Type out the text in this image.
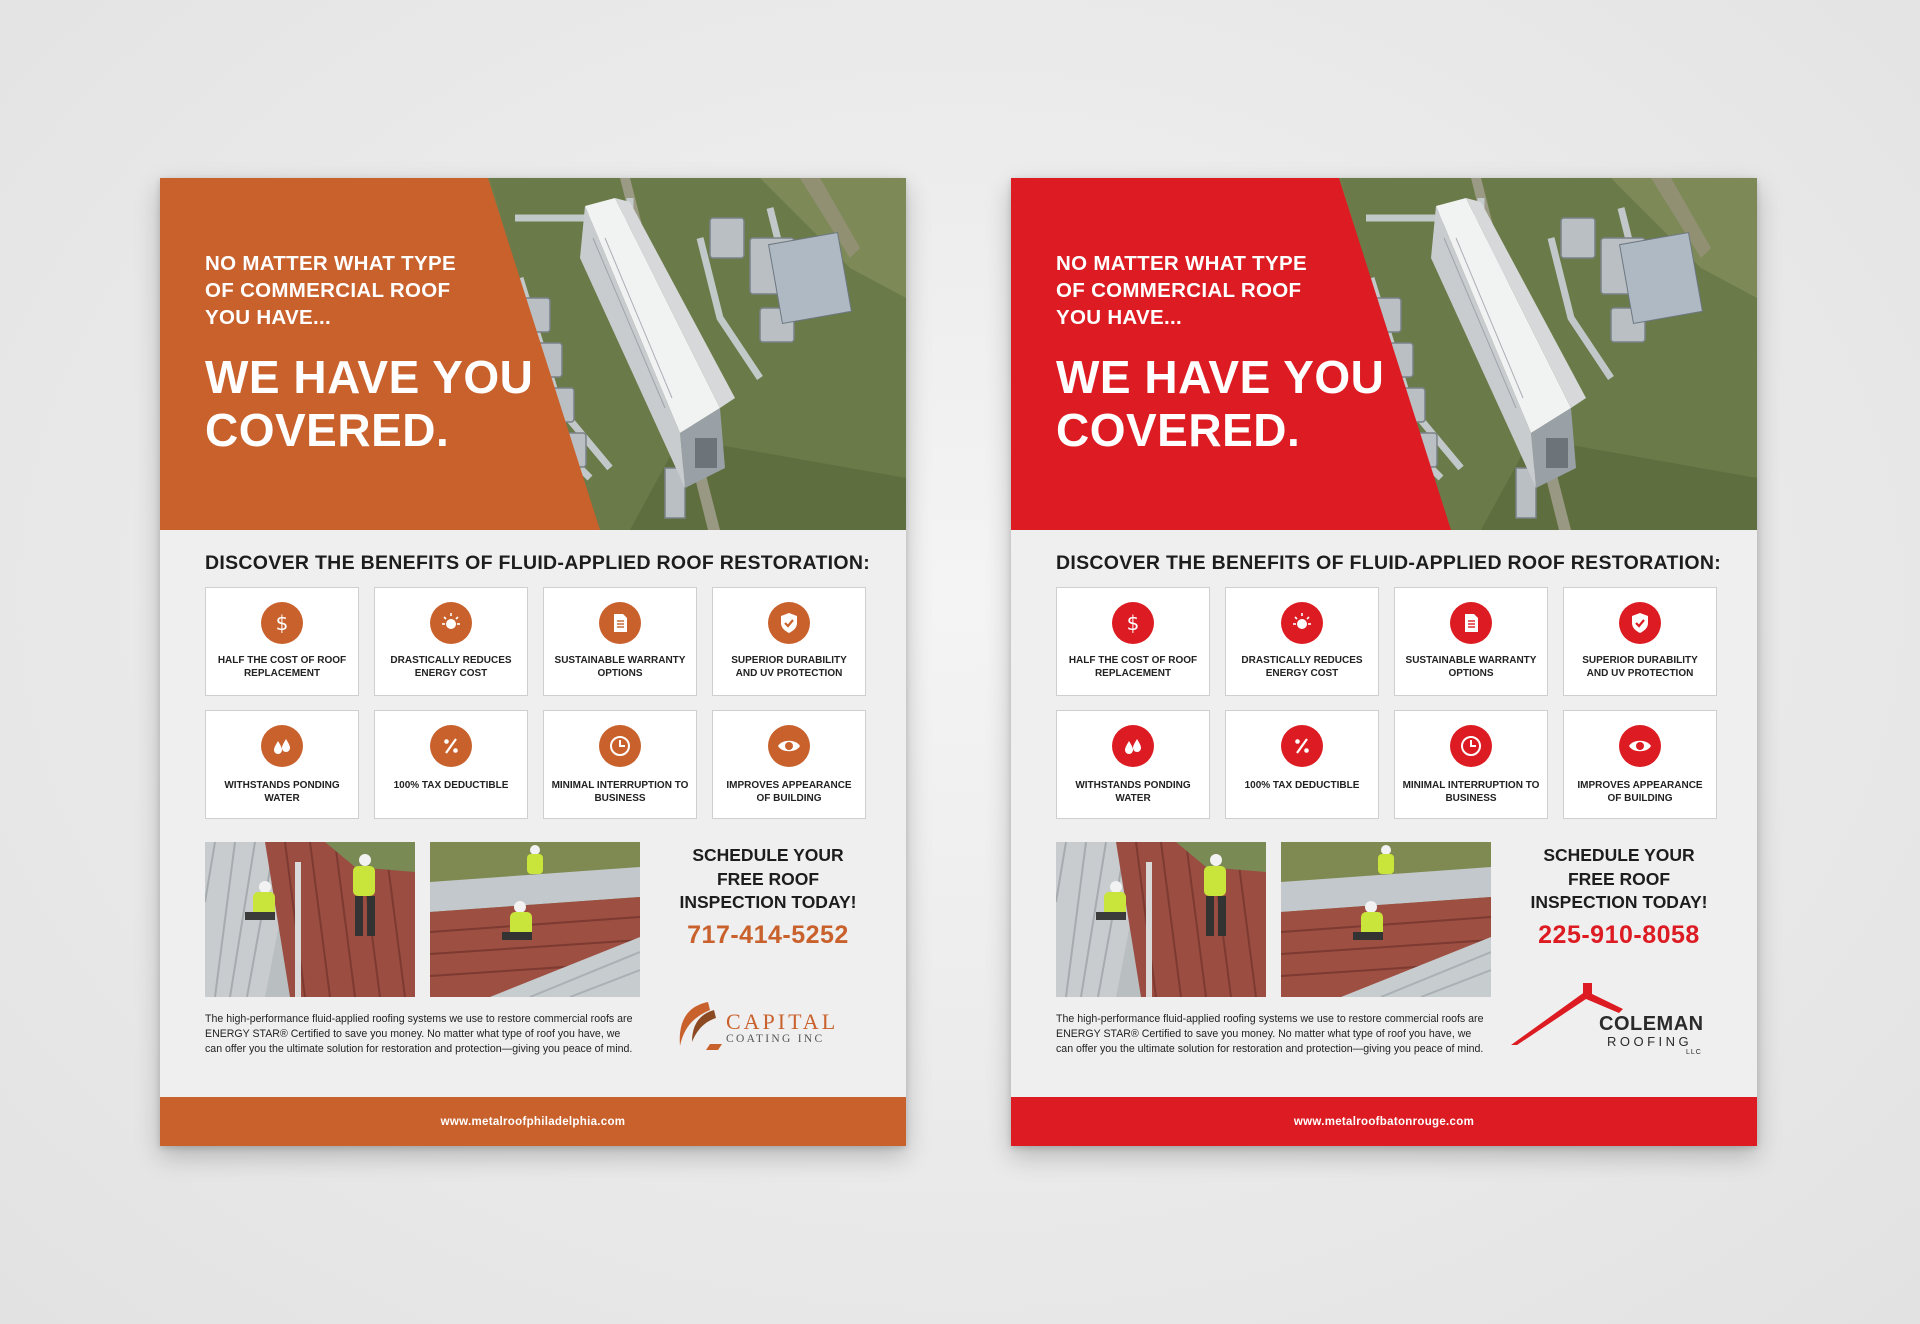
NO MATTER WHAT TYPE OF COMMERCIAL ROOF YOU HAVE...
WE HAVE YOU COVERED.
DISCOVER THE BENEFITS OF FLUID-APPLIED ROOF RESTORATION:
$
HALF THE COST OF ROOF REPLACEMENT
DRASTICALLY REDUCES ENERGY COST
SUSTAINABLE WARRANTY OPTIONS
SUPERIOR DURABILITY AND UV PROTECTION
WITHSTANDS PONDING WATER
100% TAX DEDUCTIBLE	MINIMAL INTERRUPTION TO BUSINESS
IMPROVES APPEARANCE OF BUILDING
SCHEDULE YOUR
FREE ROOF
INSPECTION TODAY!
717-414-5252
The high-performance fluid-applied roofing systems we use to restore commercial roofs are ENERGY STAR® Certified to save you money. No matter what type of roof you have, we can offer you the ultimate solution for restoration and protection—giving you peace of mind.
CAPITAL
COATING INC
www.metalroofphiladelphia.com
NO MATTER WHAT TYPE OF COMMERCIAL ROOF YOU HAVE...
WE HAVE YOU COVERED.
DISCOVER THE BENEFITS OF FLUID-APPLIED ROOF RESTORATION:
$
HALF THE COST OF ROOF REPLACEMENT
DRASTICALLY REDUCES ENERGY COST
SUSTAINABLE WARRANTY OPTIONS
SUPERIOR DURABILITY AND UV PROTECTION
WITHSTANDS PONDING WATER
100% TAX DEDUCTIBLE	MINIMAL INTERRUPTION TO BUSINESS
IMPROVES APPEARANCE OF BUILDING
SCHEDULE YOUR
FREE ROOF
INSPECTION TODAY!
225-910-8058
The high-performance fluid-applied roofing systems we use to restore commercial roofs are ENERGY STAR® Certified to save you money. No matter what type of roof you have, we can offer you the ultimate solution for restoration and protection—giving you peace of mind.
COLEMAN
ROOFING
LLC
www.metalroofbatonrouge.com
